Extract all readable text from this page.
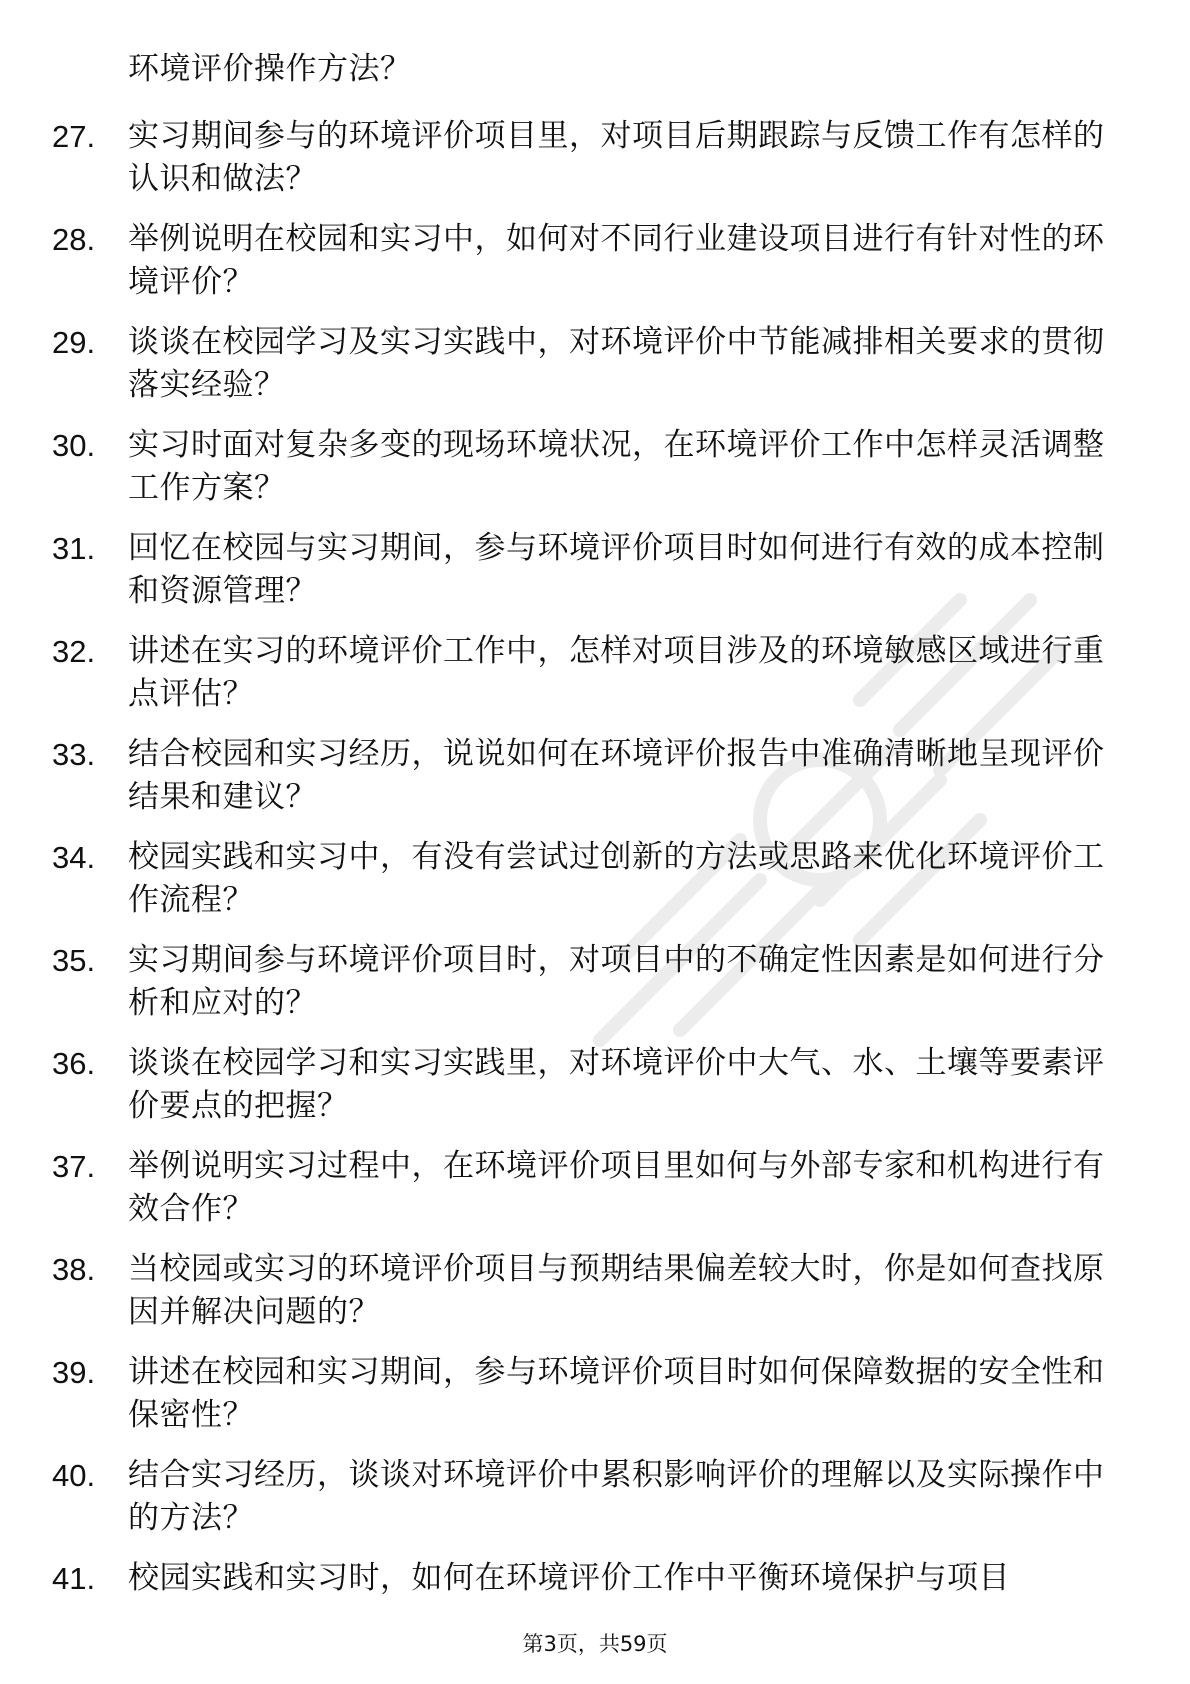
环境评价操作方法？
27.	实习期间参与的环境评价项目里，对项目后期跟踪与反馈工作有怎样的认识和做法？
28.	举例说明在校园和实习中，如何对不同行业建设项目进行有针对性的环境评价？
29.	谈谈在校园学习及实习实践中，对环境评价中节能减排相关要求的贯彻落实经验？
30.	实习时面对复杂多变的现场环境状况，在环境评价工作中怎样灵活调整工作方案？
31.	回忆在校园与实习期间，参与环境评价项目时如何进行有效的成本控制和资源管理？
32.	讲述在实习的环境评价工作中，怎样对项目涉及的环境敏感区域进行重点评估？
33.	结合校园和实习经历，说说如何在环境评价报告中准确清晰地呈现评价结果和建议？
34.	校园实践和实习中，有没有尝试过创新的方法或思路来优化环境评价工作流程？
35.	实习期间参与环境评价项目时，对项目中的不确定性因素是如何进行分析和应对的？
36.	谈谈在校园学习和实习实践里，对环境评价中大气、水、土壤等要素评价要点的把握？
37.	举例说明实习过程中，在环境评价项目里如何与外部专家和机构进行有效合作？
38.	当校园或实习的环境评价项目与预期结果偏差较大时，你是如何查找原因并解决问题的？
39.	讲述在校园和实习期间，参与环境评价项目时如何保障数据的安全性和保密性？
40.	结合实习经历，谈谈对环境评价中累积影响评价的理解以及实际操作中的方法？
41.	校园实践和实习时，如何在环境评价工作中平衡环境保护与项目
第3页，共59页
